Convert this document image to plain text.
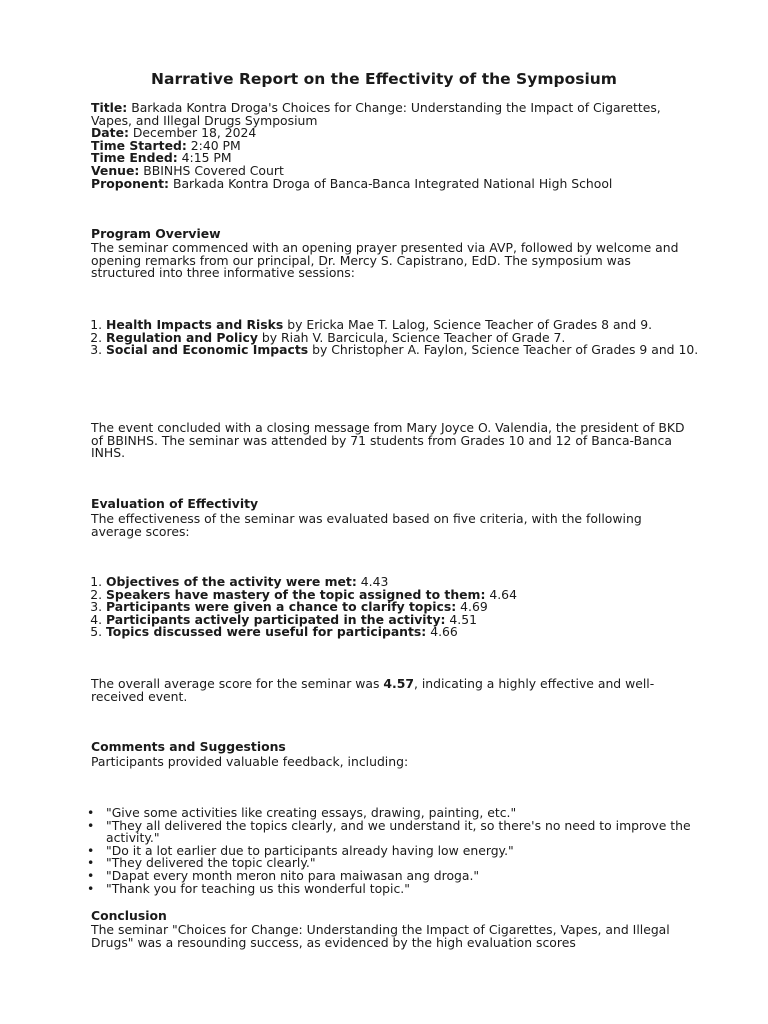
Narrative Report on the Effectivity of the Symposium

Title: Barkada Kontra Droga's Choices for Change: Understanding the Impact of Cigarettes, Vapes, and Illegal Drugs Symposium

Date: December 18, 2024

Time Started: 2:40 PM

Time Ended: 4:15 PM

Venue: BBINHS Covered Court

Proponent: Barkada Kontra Droga of Banca-Banca Integrated National High School

Program Overview

The seminar commenced with an opening prayer presented via AVP, followed by welcome and opening remarks from our principal, Dr. Mercy S. Capistrano, EdD. The symposium was structured into three informative sessions:

1. Health Impacts and Risks by Ericka Mae T. Lalog, Science Teacher of Grades 8 and 9.
2. Regulation and Policy by Riah V. Barcicula, Science Teacher of Grade 7.
3. Social and Economic Impacts by Christopher A. Faylon, Science Teacher of Grades 9 and 10.

The event concluded with a closing message from Mary Joyce O. Valendia, the president of BKD of BBINHS. The seminar was attended by 71 students from Grades 10 and 12 of Banca-Banca INHS.

Evaluation of Effectivity

The effectiveness of the seminar was evaluated based on five criteria, with the following average scores:

1. Objectives of the activity were met: 4.43
2. Speakers have mastery of the topic assigned to them: 4.64
3. Participants were given a chance to clarify topics: 4.69
4. Participants actively participated in the activity: 4.51
5. Topics discussed were useful for participants: 4.66

The overall average score for the seminar was 4.57, indicating a highly effective and well-received event.

Comments and Suggestions

Participants provided valuable feedback, including:

• "Give some activities like creating essays, drawing, painting, etc."
• "They all delivered the topics clearly, and we understand it, so there's no need to improve the activity."
• "Do it a lot earlier due to participants already having low energy."
• "They delivered the topic clearly."
• "Dapat every month meron nito para maiwasan ang droga."
• "Thank you for teaching us this wonderful topic."
Conclusion

The seminar "Choices for Change: Understanding the Impact of Cigarettes, Vapes, and Illegal Drugs" was a resounding success, as evidenced by the high evaluation scores
